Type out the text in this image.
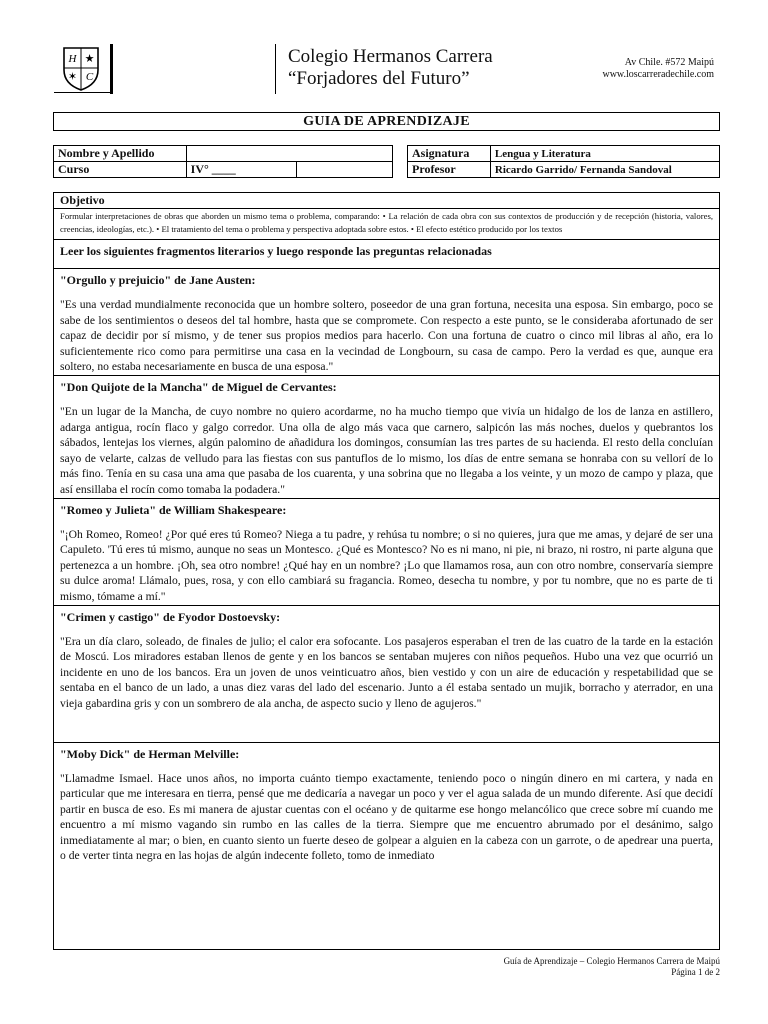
H ★
✶ C
Colegio Hermanos Carrera
“Forjadores del Futuro”
Av Chile. #572 Maipú
www.loscarreradechile.com
GUIA DE APRENDIZAJE
Nombre y Apellido		
Curso	IV° ____	
Asignatura	Lengua y Literatura
Profesor	Ricardo Garrido/ Fernanda Sandoval
Objetivo
Formular interpretaciones de obras que aborden un mismo tema o problema, comparando: • La relación de cada obra con sus contextos de producción y de recepción (historia, valores, creencias, ideologías, etc.). • El tratamiento del tema o problema y perspectiva adoptada sobre estos. • El efecto estético producido por los textos
Leer los siguientes fragmentos literarios y luego responde las preguntas relacionadas
"Orgullo y prejuicio" de Jane Austen:
"Es una verdad mundialmente reconocida que un hombre soltero, poseedor de una gran fortuna, necesita una esposa. Sin embargo, poco se sabe de los sentimientos o deseos del tal hombre, hasta que se compromete. Con respecto a este punto, se le consideraba afortunado de ser capaz de decidir por sí mismo, y de tener sus propios medios para hacerlo. Con una fortuna de cuatro o cinco mil libras al año, era lo suficientemente rico como para permitirse una casa en la vecindad de Longbourn, su casa de campo. Pero la verdad es que, aunque era soltero, no estaba necesariamente en busca de una esposa."
"Don Quijote de la Mancha" de Miguel de Cervantes:
"En un lugar de la Mancha, de cuyo nombre no quiero acordarme, no ha mucho tiempo que vivía un hidalgo de los de lanza en astillero, adarga antigua, rocín flaco y galgo corredor. Una olla de algo más vaca que carnero, salpicón las más noches, duelos y quebrantos los sábados, lentejas los viernes, algún palomino de añadidura los domingos, consumían las tres partes de su hacienda. El resto della concluían sayo de velarte, calzas de velludo para las fiestas con sus pantuflos de lo mismo, los días de entre semana se honraba con su vellorí de lo más fino. Tenía en su casa una ama que pasaba de los cuarenta, y una sobrina que no llegaba a los veinte, y un mozo de campo y plaza, que así ensillaba el rocín como tomaba la podadera."
"Romeo y Julieta" de William Shakespeare:
"¡Oh Romeo, Romeo! ¿Por qué eres tú Romeo? Niega a tu padre, y rehúsa tu nombre; o si no quieres, jura que me amas, y dejaré de ser una Capuleto. 'Tú eres tú mismo, aunque no seas un Montesco. ¿Qué es Montesco? No es ni mano, ni pie, ni brazo, ni rostro, ni parte alguna que pertenezca a un hombre. ¡Oh, sea otro nombre! ¿Qué hay en un nombre? ¡Lo que llamamos rosa, aun con otro nombre, conservaría siempre su dulce aroma! Llámalo, pues, rosa, y con ello cambiará su fragancia. Romeo, desecha tu nombre, y por tu nombre, que no es parte de ti mismo, tómame a mí."
"Crimen y castigo" de Fyodor Dostoevsky:
"Era un día claro, soleado, de finales de julio; el calor era sofocante. Los pasajeros esperaban el tren de las cuatro de la tarde en la estación de Moscú. Los miradores estaban llenos de gente y en los bancos se sentaban mujeres con niños pequeños. Hubo una vez que ocurrió un incidente en uno de los bancos. Era un joven de unos veinticuatro años, bien vestido y con un aire de educación y respetabilidad que se sentaba en el banco de un lado, a unas diez varas del lado del escenario. Junto a él estaba sentado un mujik, borracho y aterrador, en una vieja gabardina gris y con un sombrero de ala ancha, de aspecto sucio y lleno de agujeros."
"Moby Dick" de Herman Melville:
"Llamadme Ismael. Hace unos años, no importa cuánto tiempo exactamente, teniendo poco o ningún dinero en mi cartera, y nada en particular que me interesara en tierra, pensé que me dedicaría a navegar un poco y ver el agua salada de un mundo diferente. Así que decidí partir en busca de eso. Es mi manera de ajustar cuentas con el océano y de quitarme ese hongo melancólico que crece sobre mí cuando me encuentro a mí mismo vagando sin rumbo en las calles de la tierra. Siempre que me encuentro abrumado por el desánimo, salgo inmediatamente al mar; o bien, en cuanto siento un fuerte deseo de golpear a alguien en la cabeza con un garrote, o de apedrear una puerta, o de verter tinta negra en las hojas de algún indecente folleto, tomo de inmediato
Guía de Aprendizaje – Colegio Hermanos Carrera de Maipú
Página 1 de 2
